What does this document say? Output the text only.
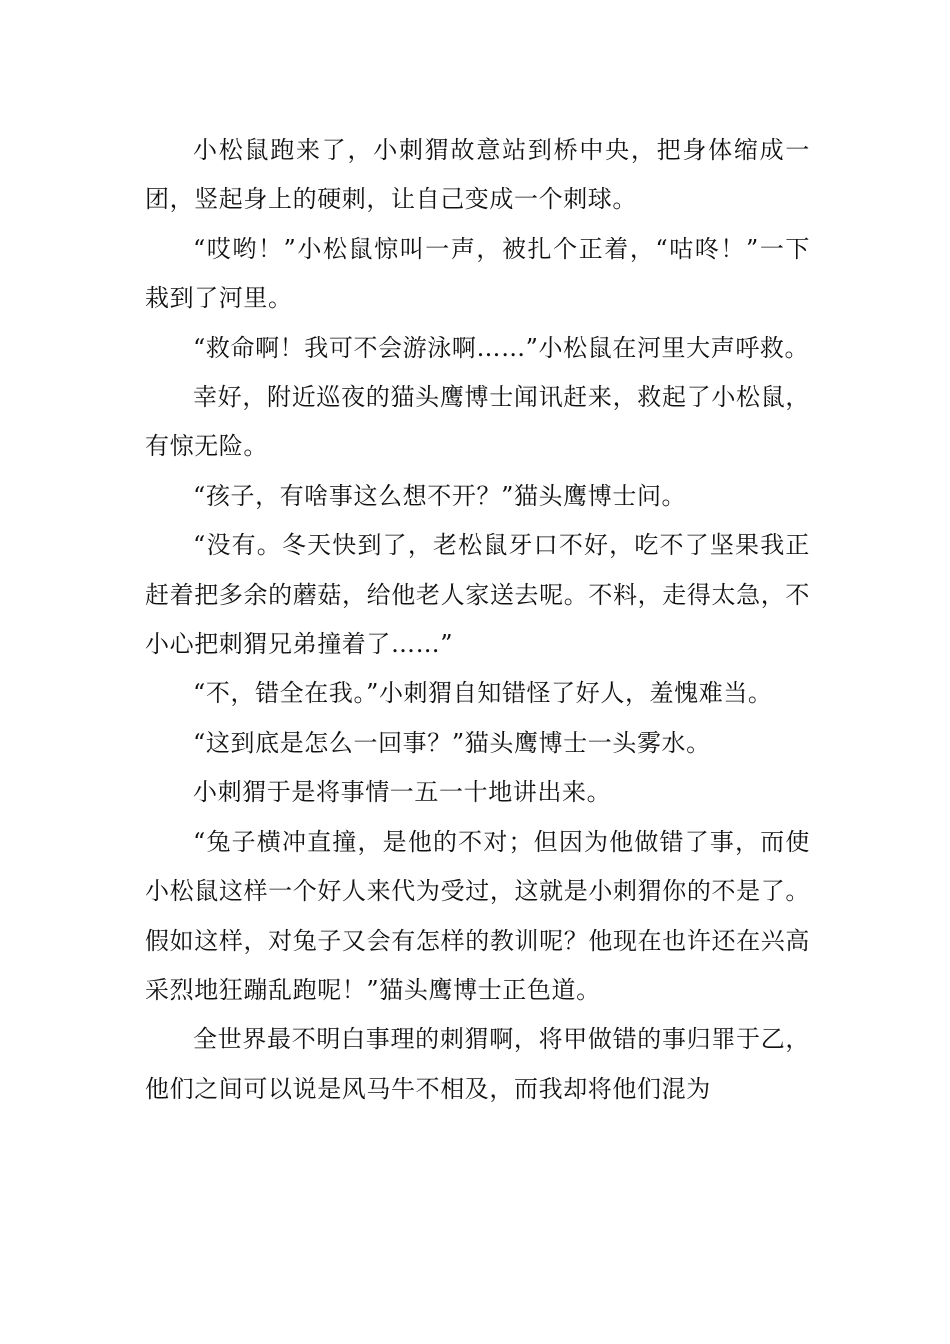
小松鼠跑来了，小刺猬故意站到桥中央，把身体缩成一团，竖起身上的硬刺，让自己变成一个刺球。

“哎哟！”小松鼠惊叫一声，被扎个正着，“咕咚！”一下栽到了河里。

“救命啊！我可不会游泳啊……”小松鼠在河里大声呼救。

幸好，附近巡夜的猫头鹰博士闻讯赶来，救起了小松鼠，有惊无险。

“孩子，有啥事这么想不开？”猫头鹰博士问。

“没有。冬天快到了，老松鼠牙口不好，吃不了坚果我正赶着把多余的蘑菇，给他老人家送去呢。不料，走得太急，不小心把刺猬兄弟撞着了……”

“不，错全在我。”小刺猬自知错怪了好人，羞愧难当。

“这到底是怎么一回事？”猫头鹰博士一头雾水。

小刺猬于是将事情一五一十地讲出来。

“兔子横冲直撞，是他的不对；但因为他做错了事，而使小松鼠这样一个好人来代为受过，这就是小刺猬你的不是了。假如这样，对兔子又会有怎样的教训呢？他现在也许还在兴高采烈地狂蹦乱跑呢！”猫头鹰博士正色道。

全世界最不明白事理的刺猬啊，将甲做错的事归罪于乙，他们之间可以说是风马牛不相及，而我却将他们混为
